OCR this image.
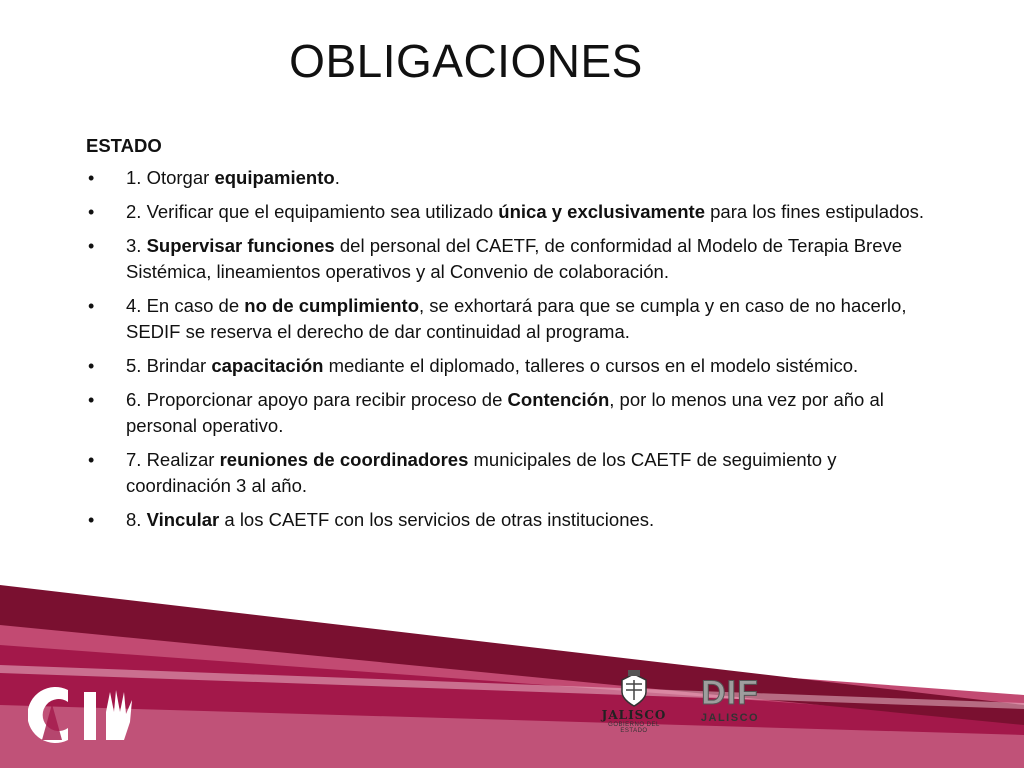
OBLIGACIONES
ESTADO
• 1. Otorgar equipamiento.
• 2. Verificar que el equipamiento sea utilizado única y exclusivamente para los fines estipulados.
• 3. Supervisar funciones del personal del CAETF, de conformidad al Modelo de Terapia Breve Sistémica, lineamientos operativos y al Convenio de colaboración.
• 4. En caso de no de cumplimiento, se exhortará para que se cumpla y en caso de no hacerlo, SEDIF se reserva el derecho de dar continuidad al programa.
• 5. Brindar capacitación mediante el diplomado, talleres o cursos en el modelo sistémico.
• 6. Proporcionar apoyo para recibir proceso de Contención, por lo menos una vez por año al personal operativo.
• 7. Realizar reuniones de coordinadores municipales de los CAETF de seguimiento y coordinación 3 al año.
• 8. Vincular a los CAETF con los servicios de otras instituciones.
JALISCO
GOBIERNO DEL ESTADO
DIF
JALISCO
